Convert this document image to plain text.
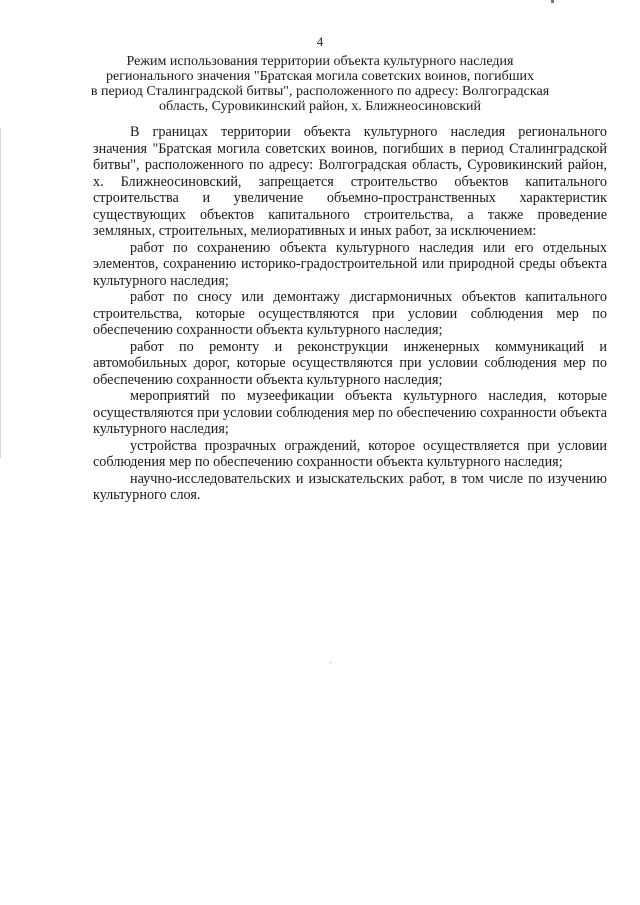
4
Режим использования территории объекта культурного наследия
регионального значения "Братская могила советских воинов, погибших
в период Сталинградской битвы", расположенного по адресу: Волгоградская
область, Суровикинский район, х. Ближнеосиновский

В границах территории объекта культурного наследия регионального значения "Братская могила советских воинов, погибших в период Сталинградской битвы", расположенного по адресу: Волгоградская область, Суровикинский район, х. Ближнеосиновский, запрещается строительство объектов капитального строительства и увеличение объемно-пространственных характеристик существующих объектов капитального строительства, а также проведение земляных, строительных, мелиоративных и иных работ, за исключением:

работ по сохранению объекта культурного наследия или его отдельных элементов, сохранению историко-градостроительной или природной среды объекта культурного наследия;

работ по сносу или демонтажу дисгармоничных объектов капитального строительства, которые осуществляются при условии соблюдения мер по обеспечению сохранности объекта культурного наследия;

работ по ремонту и реконструкции инженерных коммуникаций и автомобильных дорог, которые осуществляются при условии соблюдения мер по обеспечению сохранности объекта культурного наследия;

мероприятий по музеефикации объекта культурного наследия, которые осуществляются при условии соблюдения мер по обеспечению сохранности объекта культурного наследия;

устройства прозрачных ограждений, которое осуществляется при условии соблюдения мер по обеспечению сохранности объекта культурного наследия;

научно-исследовательских и изыскательских работ, в том числе по изучению культурного слоя.
